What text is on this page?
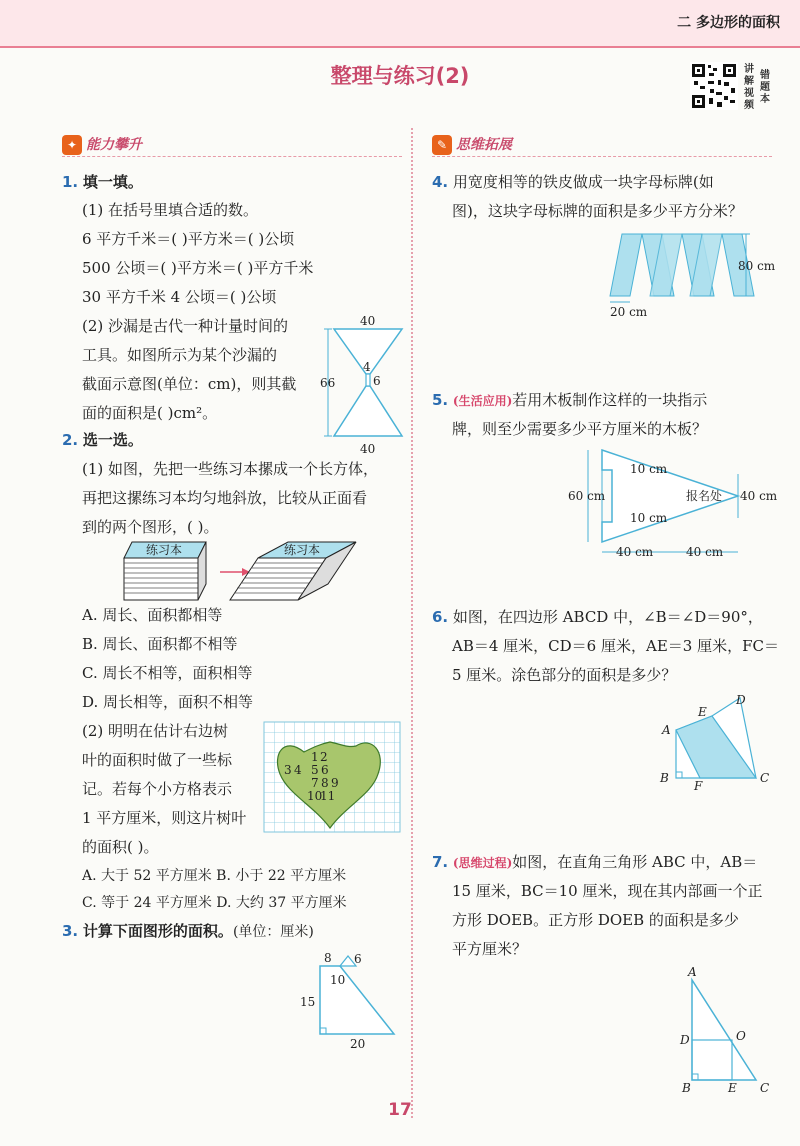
二 多边形的面积
整理与练习(2)	讲解视频
错题本
✦ 能力攀升	✎ 思维拓展
1. 填一填。
(1) 在括号里填合适的数。
6 平方千米＝( )平方米＝( )公顷
500 公顷＝( )平方米＝( )平方千米
30 平方千米 4 公顷＝( )公顷
(2) 沙漏是古代一种计量时间的
工具。如图所示为某个沙漏的
截面示意图(单位：cm)，则其截
面的面积是( )cm²。
40
40
66
4
6
2. 选一选。
(1) 如图，先把一些练习本摞成一个长方体，
再把这摞练习本均匀地斜放，比较从正面看
到的两个图形，( )。
练习本	练习本
A. 周长、面积都相等
B. 周长、面积都不相等
C. 周长不相等，面积相等
D. 周长相等，面积不相等
(2) 明明在估计右边树
叶的面积时做了一些标
记。若每个小方格表示
1 平方厘米，则这片树叶
的面积( )。
1 2
3 4 5 6
7 8 9
10
11
A. 大于 52 平方厘米 B. 小于 22 平方厘米
C. 等于 24 平方厘米 D. 大约 37 平方厘米
3. 计算下面图形的面积。(单位：厘米)
8 6
10
15
20
4. 用宽度相等的铁皮做成一块字母标牌(如
图)，这块字母标牌的面积是多少平方分米？
80 cm
20 cm
5. (生活应用)若用木板制作这样的一块指示
牌，则至少需要多少平方厘米的木板？
60 cm	40 cm
10 cm
10 cm
报名处
40 cm	40 cm
6. 如图，在四边形 ABCD 中，∠B＝∠D＝90°，
AB＝4 厘米，CD＝6 厘米，AE＝3 厘米，FC＝
5 厘米。涂色部分的面积是多少？
A
B	C
D
E
F
7. (思维过程)如图，在直角三角形 ABC 中，AB＝
15 厘米，BC＝10 厘米，现在其内部画一个正
方形 DOEB。正方形 DOEB 的面积是多少
平方厘米？
A
B	C
D	O
E
17
